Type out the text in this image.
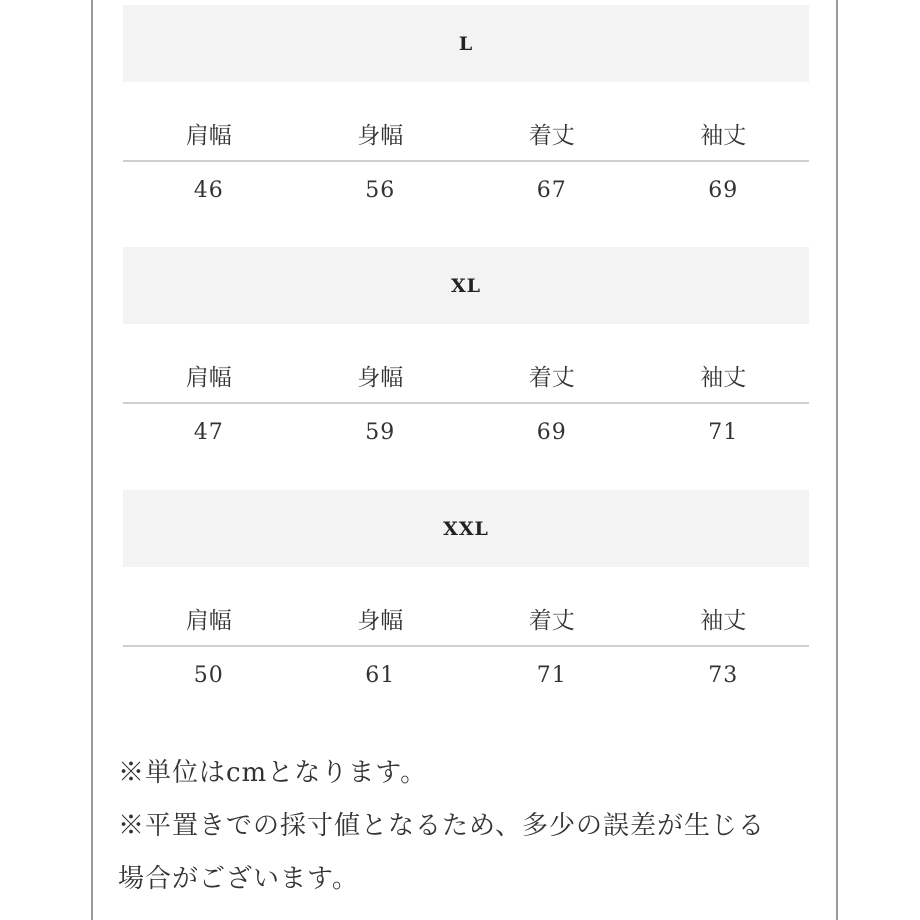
L
肩幅	身幅	着丈	袖丈
46	56	67	69
XL
肩幅	身幅	着丈	袖丈
47	59	69	71
XXL
肩幅	身幅	着丈	袖丈
50	61	71	73
※単位はcmとなります。
※平置きでの採寸値となるため、多少の誤差が生じる
場合がございます。
